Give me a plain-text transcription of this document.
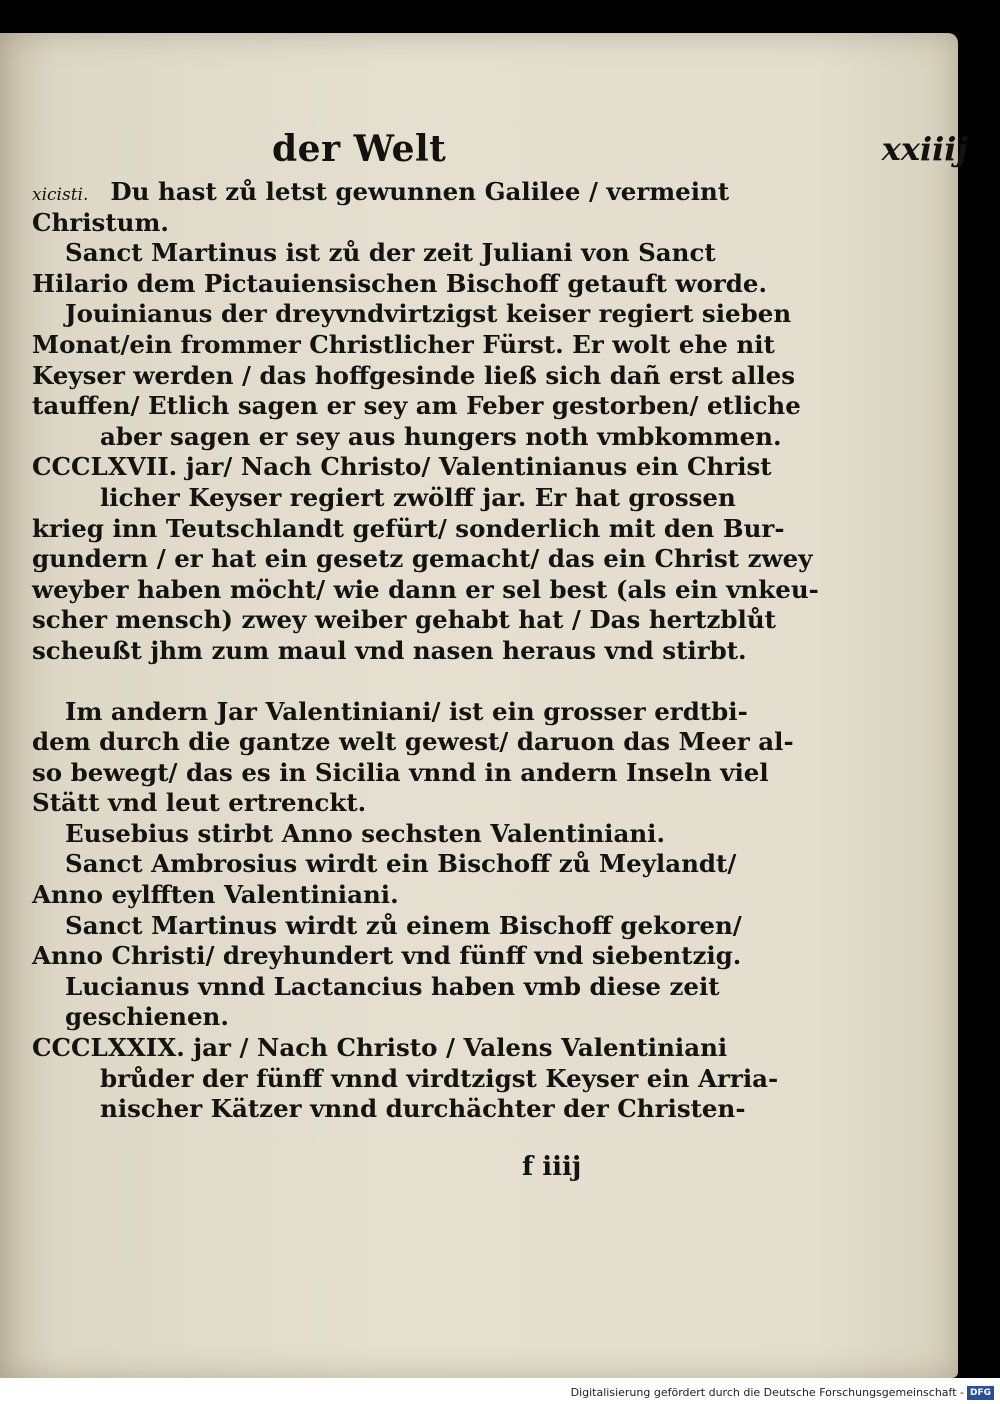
der Welt	xxiiij
xicisti. Du hast zů letst gewunnen Galilee / vermeint
Christum.
Sanct Martinus ist zů der zeit Juliani von Sanct
Hilario dem Pictauiensischen Bischoff getauft worde.
Jouinianus der dreyvndvirtzigst keiser regiert sieben
Monat/ein frommer Christlicher Fürst. Er wolt ehe nit
Keyser werden / das hoffgesinde ließ sich dañ erst alles
tauffen/ Etlich sagen er sey am Feber gestorben/ etliche
aber sagen er sey aus hungers noth vmbkommen.
CCCLXVII. jar/ Nach Christo/ Valentinianus ein Christ
licher Keyser regiert zwölff jar. Er hat grossen
krieg inn Teutschlandt gefürt/ sonderlich mit den Bur-
gundern / er hat ein gesetz gemacht/ das ein Christ zwey
weyber haben möcht/ wie dann er sel best (als ein vnkeu-
scher mensch) zwey weiber gehabt hat / Das hertzblůt
scheußt jhm zum maul vnd nasen heraus vnd stirbt.
Im andern Jar Valentiniani/ ist ein grosser erdtbi-
dem durch die gantze welt gewest/ daruon das Meer al-
so bewegt/ das es in Sicilia vnnd in andern Inseln viel
Stätt vnd leut ertrenckt.
Eusebius stirbt Anno sechsten Valentiniani.
Sanct Ambrosius wirdt ein Bischoff zů Meylandt/
Anno eylfften Valentiniani.
Sanct Martinus wirdt zů einem Bischoff gekoren/
Anno Christi/ dreyhundert vnd fünff vnd siebentzig.
Lucianus vnnd Lactancius haben vmb diese zeit
geschienen.
CCCLXXIX. jar / Nach Christo / Valens Valentiniani
brůder der fünff vnnd virdtzigst Keyser ein Arria-
nischer Kätzer vnnd durchächter der Christen-
f iiij
Digitalisierung gefördert durch die Deutsche Forschungsgemeinschaft - DFG
